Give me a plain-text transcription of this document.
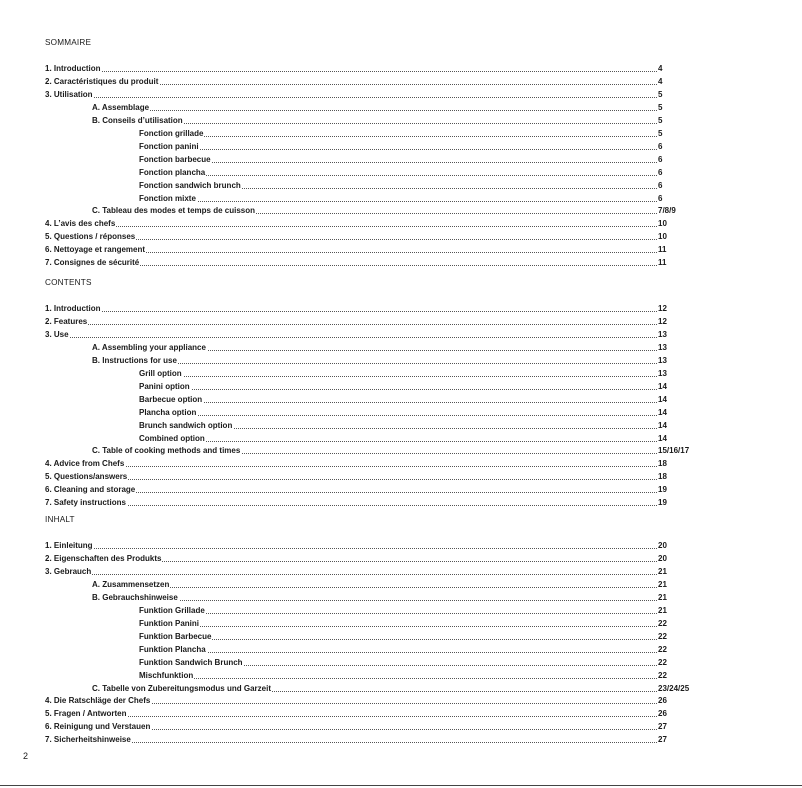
SOMMAIRE
1. Introduction	4
2. Caractéristiques du produit	4
3. Utilisation	5
A. Assemblage	5
B. Conseils d’utilisation	5
Fonction grillade	5
Fonction panini	6
Fonction barbecue	6
Fonction plancha	6
Fonction sandwich brunch	6
Fonction mixte	6
C. Tableau des modes et temps de cuisson	7/8/9
4. L’avis des chefs	10
5. Questions / réponses	10
6. Nettoyage et rangement	11
7. Consignes de sécurité	11
CONTENTS
1. Introduction	12
2. Features	12
3. Use	13
A. Assembling your appliance	13
B. Instructions for use	13
Grill option	13
Panini option	14
Barbecue option	14
Plancha option	14
Brunch sandwich option	14
Combined option	14
C. Table of cooking methods and times	15/16/17
4. Advice from Chefs	18
5. Questions/answers	18
6. Cleaning and storage	19
7. Safety instructions	19
INHALT
1. Einleitung	20
2. Eigenschaften des Produkts	20
3. Gebrauch	21
A. Zusammensetzen	21
B. Gebrauchshinweise	21
Funktion Grillade	21
Funktion Panini	22
Funktion Barbecue	22
Funktion Plancha	22
Funktion Sandwich Brunch	22
Mischfunktion	22
C. Tabelle von Zubereitungsmodus und Garzeit	23/24/25
4. Die Ratschläge der Chefs	26
5. Fragen / Antworten	26
6. Reinigung und Verstauen	27
7. Sicherheitshinweise	27
2
